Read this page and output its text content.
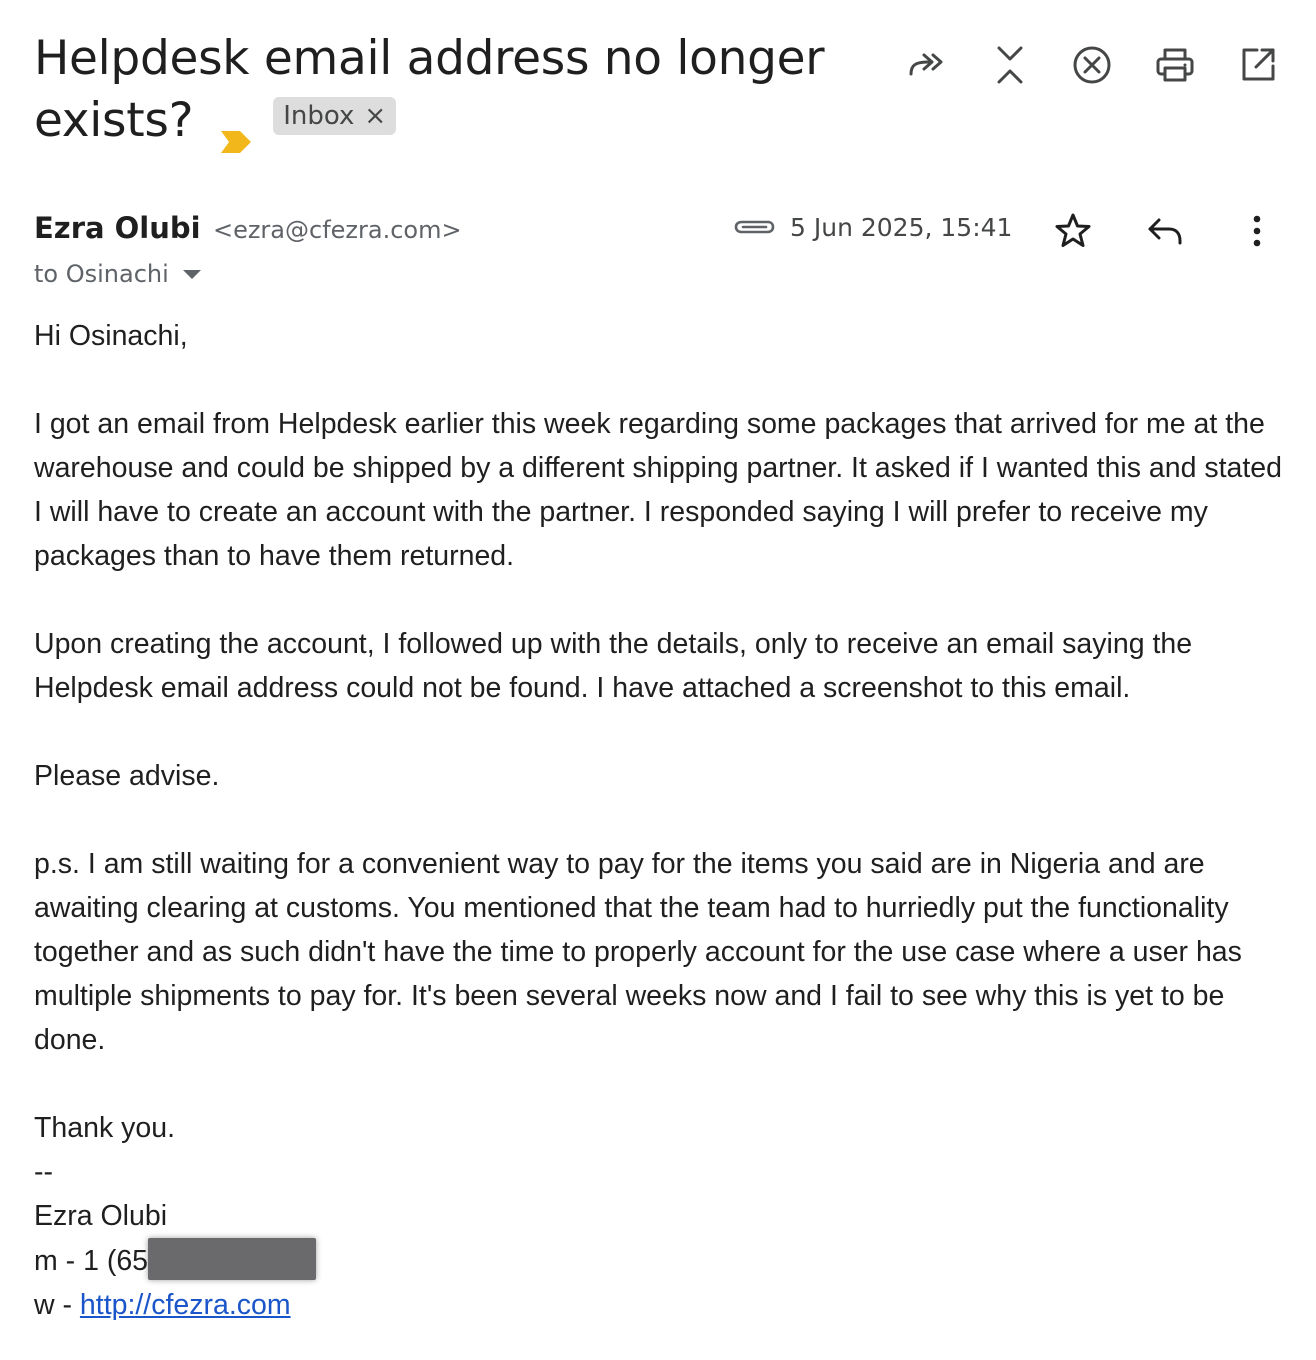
Helpdesk email address no longer exists?	Inbox ×
Ezra Olubi <ezra@cfezra.com>
to Osinachi
5 Jun 2025, 15:41

Hi Osinachi,

I got an email from Helpdesk earlier this week regarding some packages that arrived for me at the warehouse and could be shipped by a different shipping partner. It asked if I wanted this and stated I will have to create an account with the partner. I responded saying I will prefer to receive my packages than to have them returned.

Upon creating the account, I followed up with the details, only to receive an email saying the Helpdesk email address could not be found. I have attached a screenshot to this email.

Please advise.

p.s. I am still waiting for a convenient way to pay for the items you said are in Nigeria and are awaiting clearing at customs. You mentioned that the team had to hurriedly put the functionality together and as such didn't have the time to properly account for the use case where a user has multiple shipments to pay for. It's been several weeks now and I fail to see why this is yet to be done.

Thank you.

--

Ezra Olubi

m - 1 (65

w - http://cfezra.com
